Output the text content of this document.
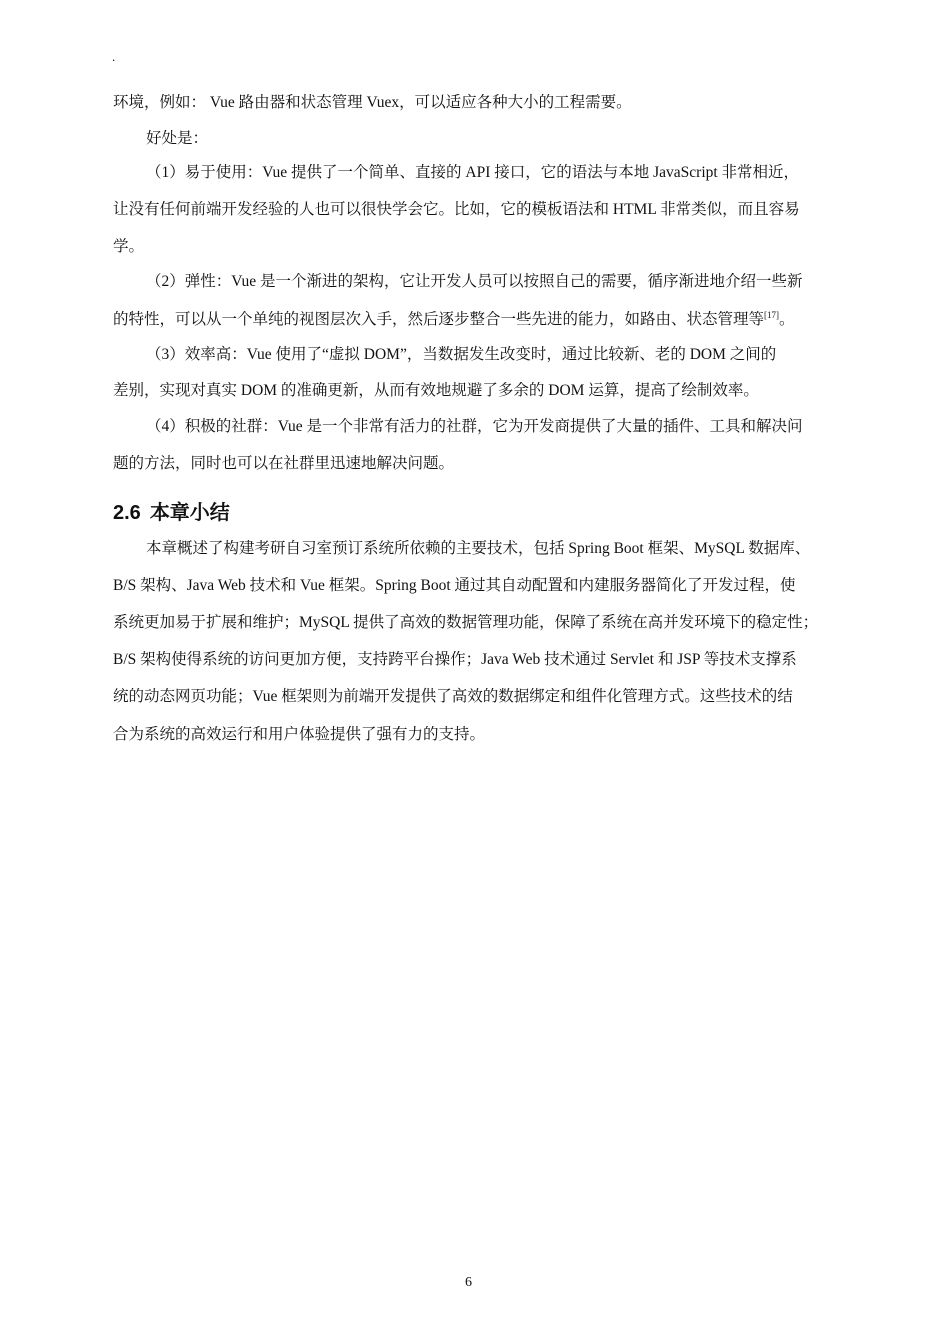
.
环境，例如： Vue 路由器和状态管理 Vuex，可以适应各种大小的工程需要。
好处是：
（1）易于使用：Vue 提供了一个简单、直接的 API 接口，它的语法与本地 JavaScript 非常相近，
让没有任何前端开发经验的人也可以很快学会它。比如，它的模板语法和 HTML 非常类似，而且容易
学。
（2）弹性：Vue 是一个渐进的架构，它让开发人员可以按照自己的需要，循序渐进地介绍一些新
的特性，可以从一个单纯的视图层次入手，然后逐步整合一些先进的能力，如路由、状态管理等[17]。
（3）效率高：Vue 使用了“虚拟 DOM”，当数据发生改变时，通过比较新、老的 DOM 之间的
差别，实现对真实 DOM 的准确更新，从而有效地规避了多余的 DOM 运算，提高了绘制效率。
（4）积极的社群：Vue 是一个非常有活力的社群，它为开发商提供了大量的插件、工具和解决问
题的方法，同时也可以在社群里迅速地解决问题。
2.6 本章小结
本章概述了构建考研自习室预订系统所依赖的主要技术，包括 Spring Boot 框架、MySQL 数据库、
B/S 架构、Java Web 技术和 Vue 框架。Spring Boot 通过其自动配置和内建服务器简化了开发过程，使
系统更加易于扩展和维护；MySQL 提供了高效的数据管理功能，保障了系统在高并发环境下的稳定性；
B/S 架构使得系统的访问更加方便，支持跨平台操作；Java Web 技术通过 Servlet 和 JSP 等技术支撑系
统的动态网页功能；Vue 框架则为前端开发提供了高效的数据绑定和组件化管理方式。这些技术的结
合为系统的高效运行和用户体验提供了强有力的支持。
6
